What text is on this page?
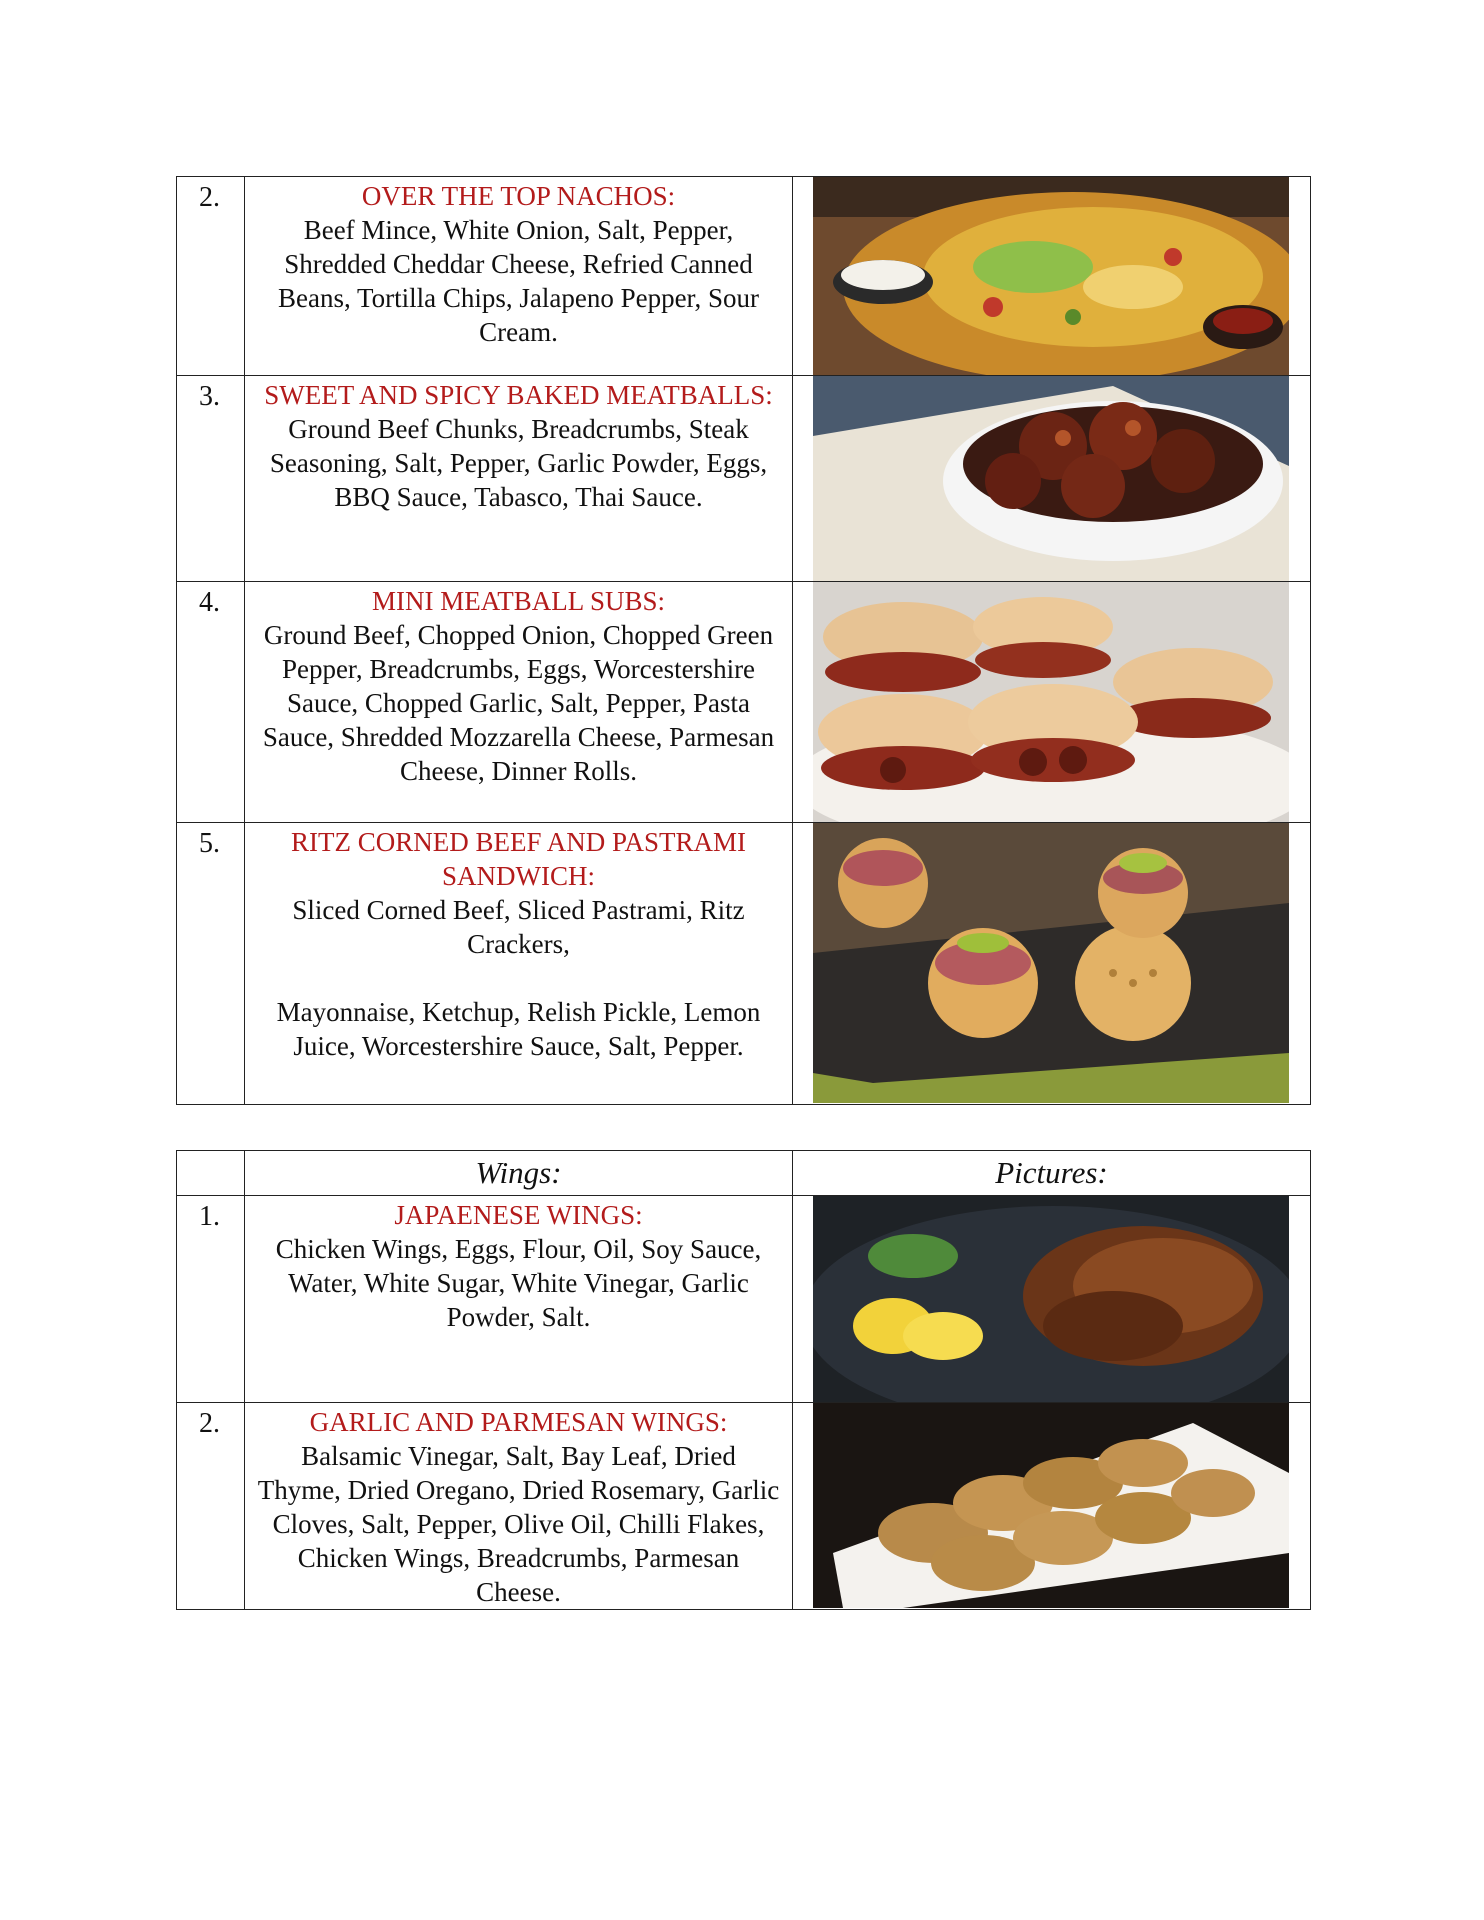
2.	OVER THE TOP NACHOS:
Beef Mince, White Onion, Salt, Pepper, Shredded Cheddar Cheese, Refried Canned Beans, Tortilla Chips, Jalapeno Pepper, Sour Cream.

3.	SWEET AND SPICY BAKED MEATBALLS:
Ground Beef Chunks, Breadcrumbs, Steak Seasoning, Salt, Pepper, Garlic Powder, Eggs, BBQ Sauce, Tabasco, Thai Sauce.

4.	MINI MEATBALL SUBS:
Ground Beef, Chopped Onion, Chopped Green Pepper, Breadcrumbs, Eggs, Worcestershire Sauce, Chopped Garlic, Salt, Pepper, Pasta Sauce, Shredded Mozzarella Cheese, Parmesan Cheese, Dinner Rolls.

5.	RITZ CORNED BEEF AND PASTRAMI SANDWICH:
Sliced Corned Beef, Sliced Pastrami, Ritz Crackers,
Mayonnaise, Ketchup, Relish Pickle, Lemon Juice, Worcestershire Sauce, Salt, Pepper.

	Wings:	Pictures:
1.	JAPAENESE WINGS:
Chicken Wings, Eggs, Flour, Oil, Soy Sauce, Water, White Sugar, White Vinegar, Garlic Powder, Salt.

2.	GARLIC AND PARMESAN WINGS:
Balsamic Vinegar, Salt, Bay Leaf, Dried Thyme, Dried Oregano, Dried Rosemary, Garlic Cloves, Salt, Pepper, Olive Oil, Chilli Flakes, Chicken Wings, Breadcrumbs, Parmesan Cheese.
